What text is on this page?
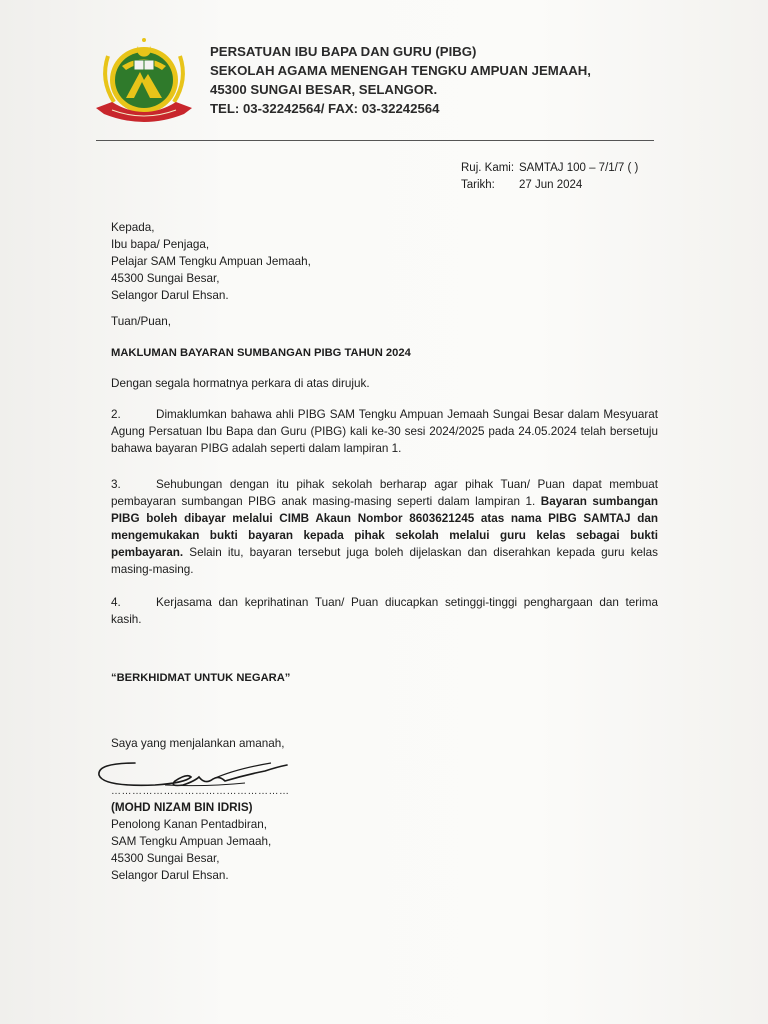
PERSATUAN IBU BAPA DAN GURU (PIBG)
SEKOLAH AGAMA MENENGAH TENGKU AMPUAN JEMAAH,
45300 SUNGAI BESAR, SELANGOR.
TEL: 03-32242564/ FAX: 03-32242564
Ruj. Kami: SAMTAJ 100 – 7/1/7 ( )
Tarikh:	27 Jun 2024
Kepada,
Ibu bapa/ Penjaga,
Pelajar SAM Tengku Ampuan Jemaah,
45300 Sungai Besar,
Selangor Darul Ehsan.
Tuan/Puan,
MAKLUMAN BAYARAN SUMBANGAN PIBG TAHUN 2024
Dengan segala hormatnya perkara di atas dirujuk.
2.	Dimaklumkan bahawa ahli PIBG SAM Tengku Ampuan Jemaah Sungai Besar dalam Mesyuarat Agung Persatuan Ibu Bapa dan Guru (PIBG) kali ke-30 sesi 2024/2025 pada 24.05.2024 telah bersetuju bahawa bayaran PIBG adalah seperti dalam lampiran 1.
3.	Sehubungan dengan itu pihak sekolah berharap agar pihak Tuan/ Puan dapat membuat pembayaran sumbangan PIBG anak masing-masing seperti dalam lampiran 1. Bayaran sumbangan PIBG boleh dibayar melalui CIMB Akaun Nombor 8603621245 atas nama PIBG SAMTAJ dan mengemukakan bukti bayaran kepada pihak sekolah melalui guru kelas sebagai bukti pembayaran. Selain itu, bayaran tersebut juga boleh dijelaskan dan diserahkan kepada guru kelas masing-masing.
4.	Kerjasama dan keprihatinan Tuan/ Puan diucapkan setinggi-tinggi penghargaan dan terima kasih.
“BERKHIDMAT UNTUK NEGARA”
Saya yang menjalankan amanah,
……………………………………………
(MOHD NIZAM BIN IDRIS)
Penolong Kanan Pentadbiran,
SAM Tengku Ampuan Jemaah,
45300 Sungai Besar,
Selangor Darul Ehsan.
